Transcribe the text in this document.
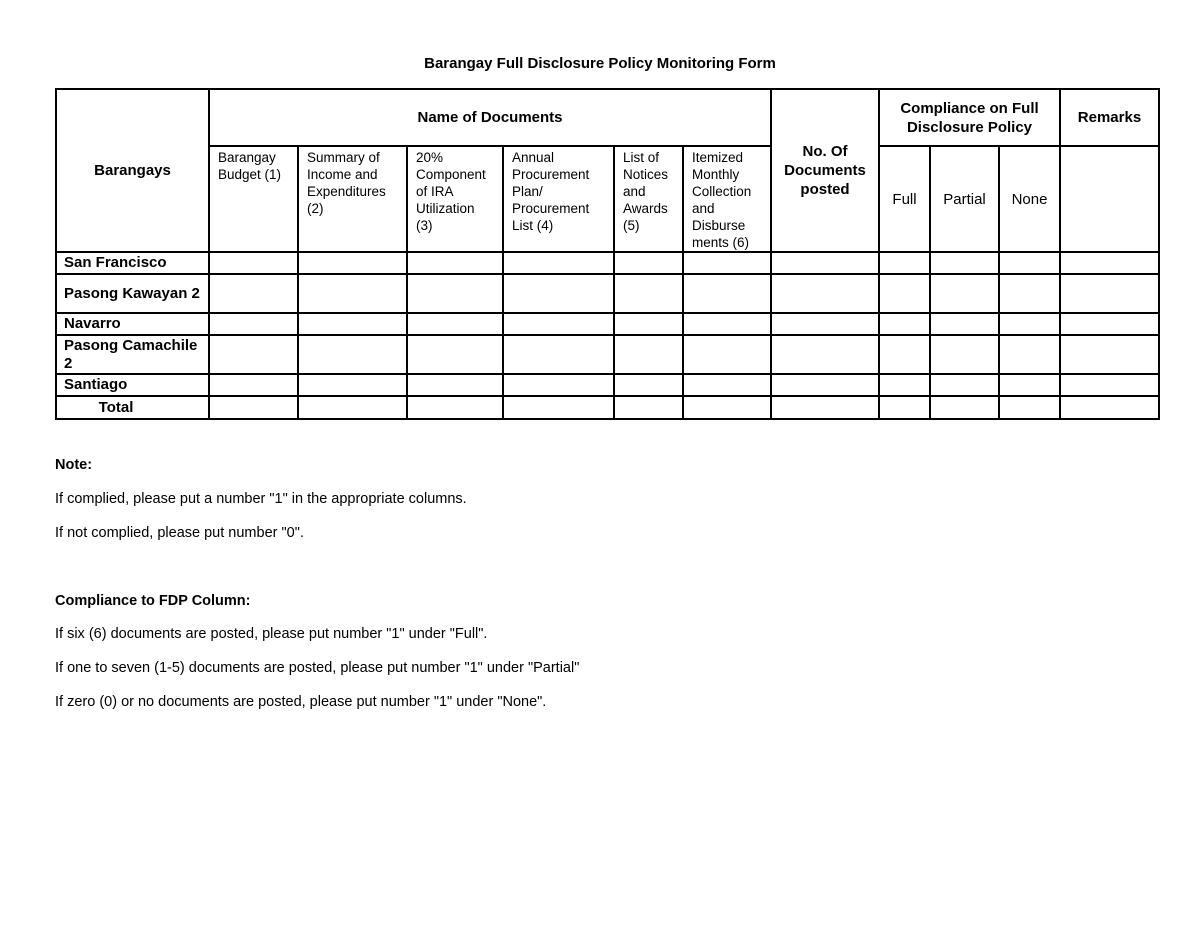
Barangay Full Disclosure Policy Monitoring Form
Barangays	Name of Documents						No. Of Documents posted	Compliance on Full Disclosure Policy			Remarks
	Barangay Budget (1)	Summary of Income and Expenditures (2)	20% Component of IRA Utilization (3)	Annual Procurement Plan/ Procurement List (4)	List of Notices and Awards (5)	Itemized Monthly Collection and Disburse ments (6)		Full	Partial	None	
San Francisco											
Pasong Kawayan 2											
Navarro											
Pasong Camachile 2											
Santiago											
Total											
Note:
If complied, please put a number "1" in the appropriate columns.
If not complied, please put number "0".
Compliance to FDP Column:
If six (6) documents are posted, please put number "1" under "Full".
If one to seven (1-5) documents are posted, please put number "1" under "Partial"
If zero (0) or no documents are posted, please put number "1" under "None".
